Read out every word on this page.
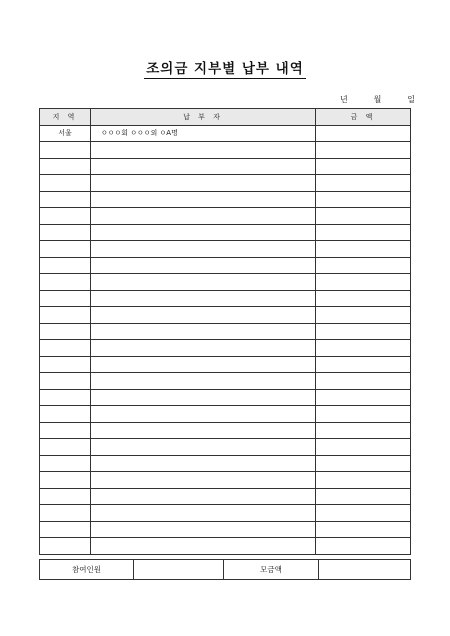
조의금 지부별 납부 내역
년	월	일
지 역	납 부 자	금 액
서울	ㅇㅇㅇ회 ㅇㅇㅇ외 ㅇA명	

참여인원		모금액	
